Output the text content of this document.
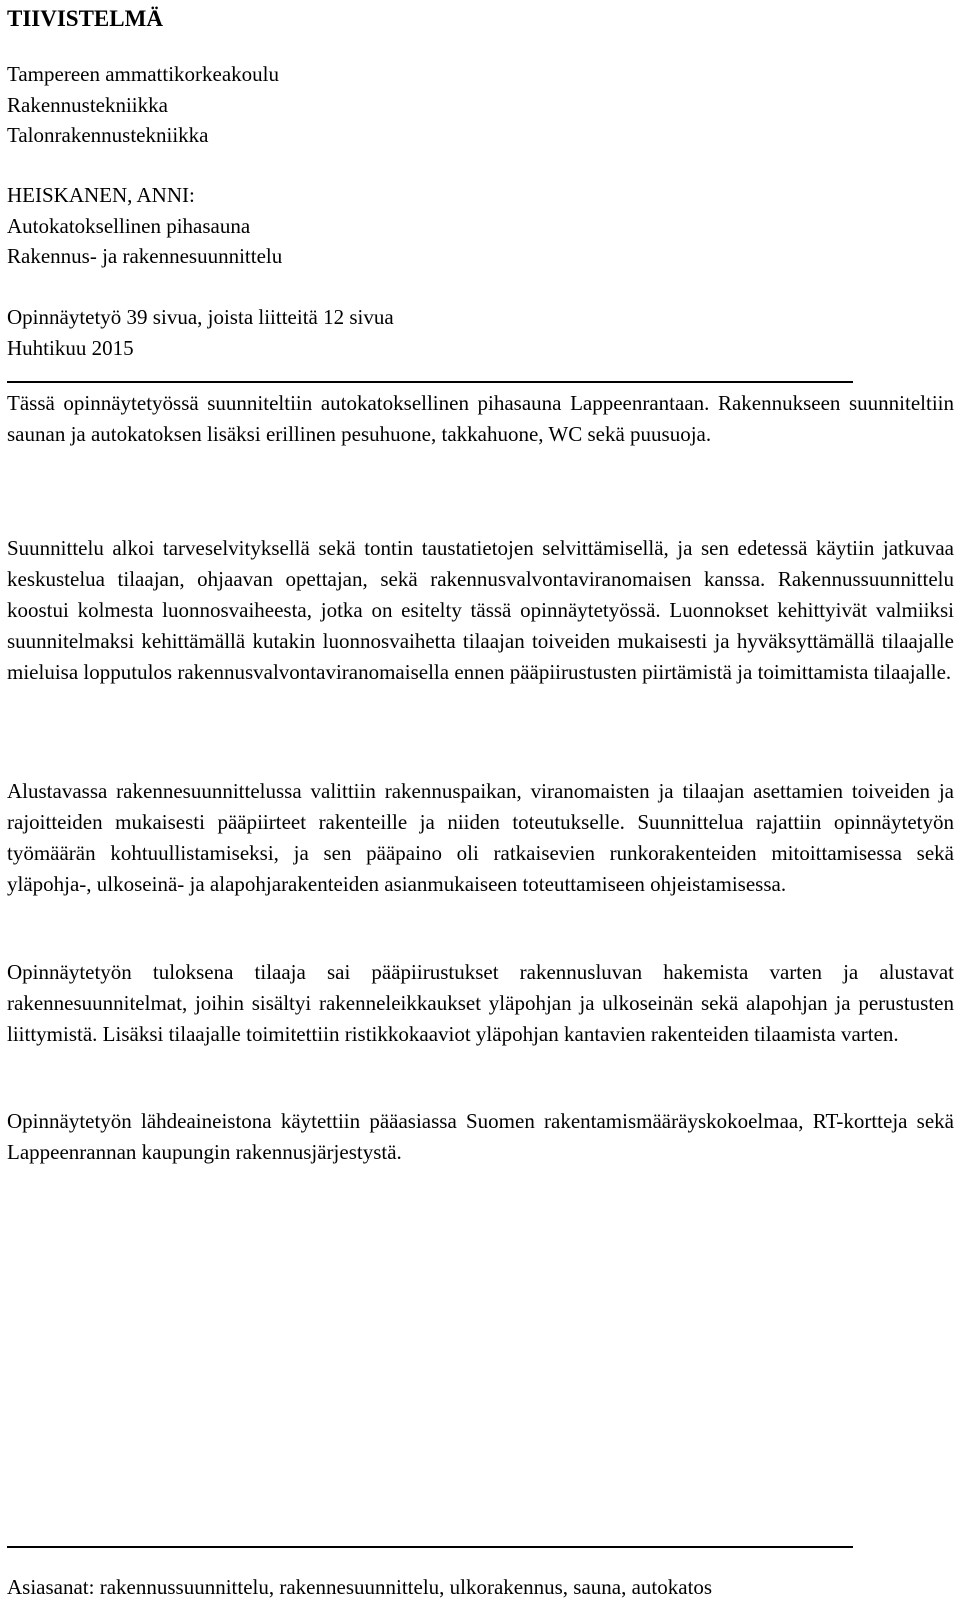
TIIVISTELMÄ
Tampereen ammattikorkeakoulu
Rakennustekniikka
Talonrakennustekniikka
HEISKANEN, ANNI:
Autokatoksellinen pihasauna
Rakennus- ja rakennesuunnittelu
Opinnäytetyö 39 sivua, joista liitteitä 12 sivua
Huhtikuu 2015

Tässä opinnäytetyössä suunniteltiin autokatoksellinen pihasauna Lappeenrantaan. Rakennukseen suunniteltiin saunan ja autokatoksen lisäksi erillinen pesuhuone, takkahuone, WC sekä puusuoja.

Suunnittelu alkoi tarveselvityksellä sekä tontin taustatietojen selvittämisellä, ja sen edetessä käytiin jatkuvaa keskustelua tilaajan, ohjaavan opettajan, sekä rakennusvalvontaviranomaisen kanssa. Rakennussuunnittelu koostui kolmesta luonnosvaiheesta, jotka on esitelty tässä opinnäytetyössä. Luonnokset kehittyivät valmiiksi suunnitelmaksi kehittämällä kutakin luonnosvaihetta tilaajan toiveiden mukaisesti ja hyväksyttämällä tilaajalle mieluisa lopputulos rakennusvalvontaviranomaisella ennen pääpiirustusten piirtämistä ja toimittamista tilaajalle.

Alustavassa rakennesuunnittelussa valittiin rakennuspaikan, viranomaisten ja tilaajan asettamien toiveiden ja rajoitteiden mukaisesti pääpiirteet rakenteille ja niiden toteutukselle. Suunnittelua rajattiin opinnäytetyön työmäärän kohtuullistamiseksi, ja sen pääpaino oli ratkaisevien runkorakenteiden mitoittamisessa sekä yläpohja-, ulkoseinä- ja alapohjarakenteiden asianmukaiseen toteuttamiseen ohjeistamisessa.

Opinnäytetyön tuloksena tilaaja sai pääpiirustukset rakennusluvan hakemista varten ja alustavat rakennesuunnitelmat, joihin sisältyi rakenneleikkaukset yläpohjan ja ulkoseinän sekä alapohjan ja perustusten liittymistä. Lisäksi tilaajalle toimitettiin ristikkokaaviot yläpohjan kantavien rakenteiden tilaamista varten.

Opinnäytetyön lähdeaineistona käytettiin pääasiassa Suomen rakentamismääräyskokoelmaa, RT-kortteja sekä Lappeenrannan kaupungin rakennusjärjestystä.

Asiasanat: rakennussuunnittelu, rakennesuunnittelu, ulkorakennus, sauna, autokatos
